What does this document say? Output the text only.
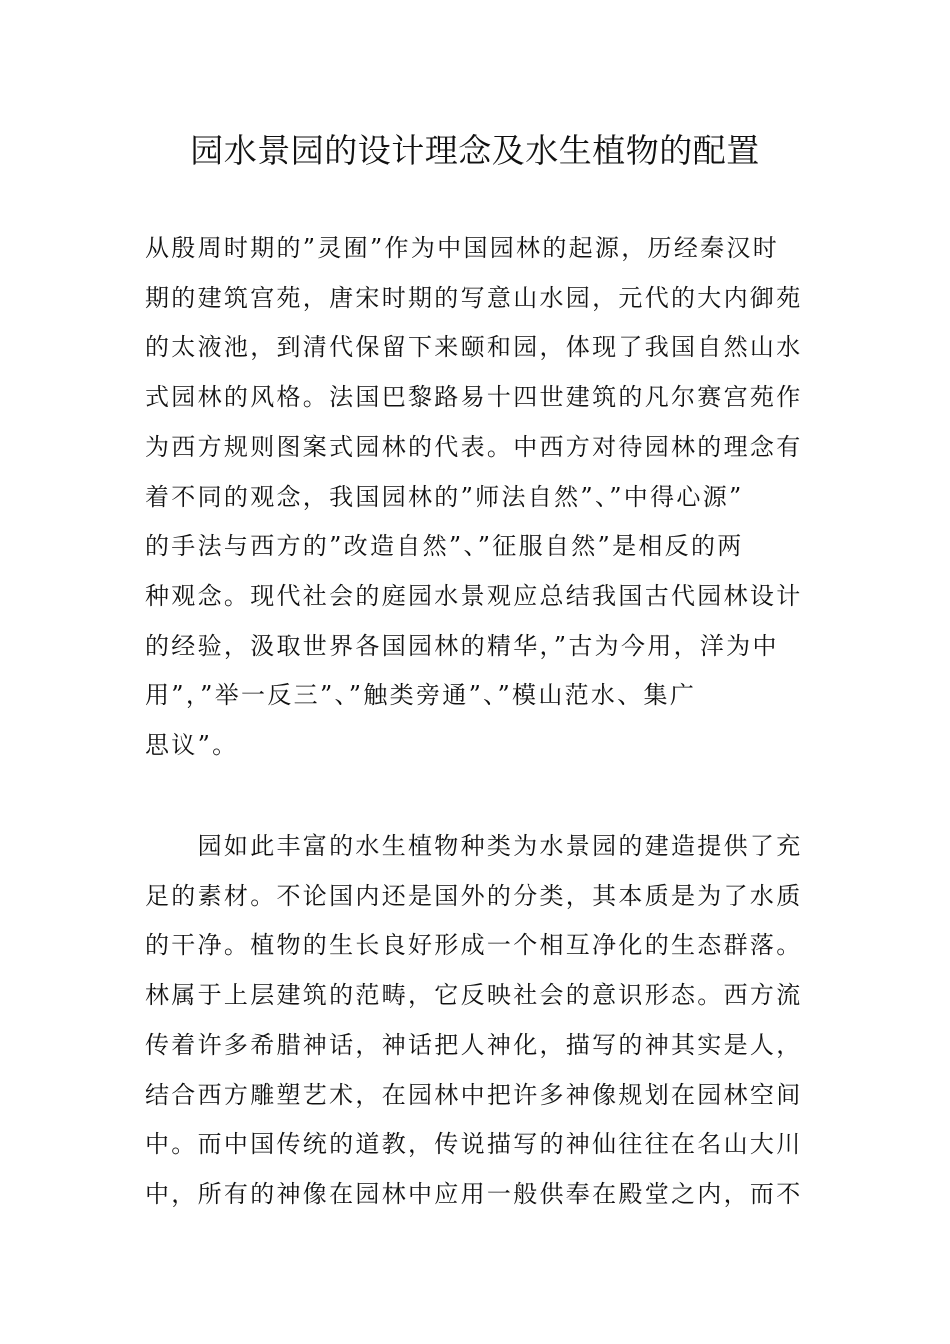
园水景园的设计理念及水生植物的配置

从殷周时期的”灵囿”作为中国园林的起源，历经秦汉时
期的建筑宫苑，唐宋时期的写意山水园，元代的大内御苑
的太液池，到清代保留下来颐和园，体现了我国自然山水
式园林的风格。法国巴黎路易十四世建筑的凡尔赛宫苑作
为西方规则图案式园林的代表。中西方对待园林的理念有
着不同的观念，我国园林的”师法自然”、”中得心源”
的手法与西方的”改造自然”、”征服自然”是相反的两
种观念。现代社会的庭园水景观应总结我国古代园林设计
的经验，汲取世界各国园林的精华，”古为今用，洋为中
用”，”举一反三”、”触类旁通”、”模山范水、集广
思议”。

　　园如此丰富的水生植物种类为水景园的建造提供了充
足的素材。不论国内还是国外的分类，其本质是为了水质
的干净。植物的生长良好形成一个相互净化的生态群落。
林属于上层建筑的范畴，它反映社会的意识形态。西方流
传着许多希腊神话，神话把人神化，描写的神其实是人，
结合西方雕塑艺术，在园林中把许多神像规划在园林空间
中。而中国传统的道教，传说描写的神仙往往在名山大川
中，所有的神像在园林中应用一般供奉在殿堂之内，而不
